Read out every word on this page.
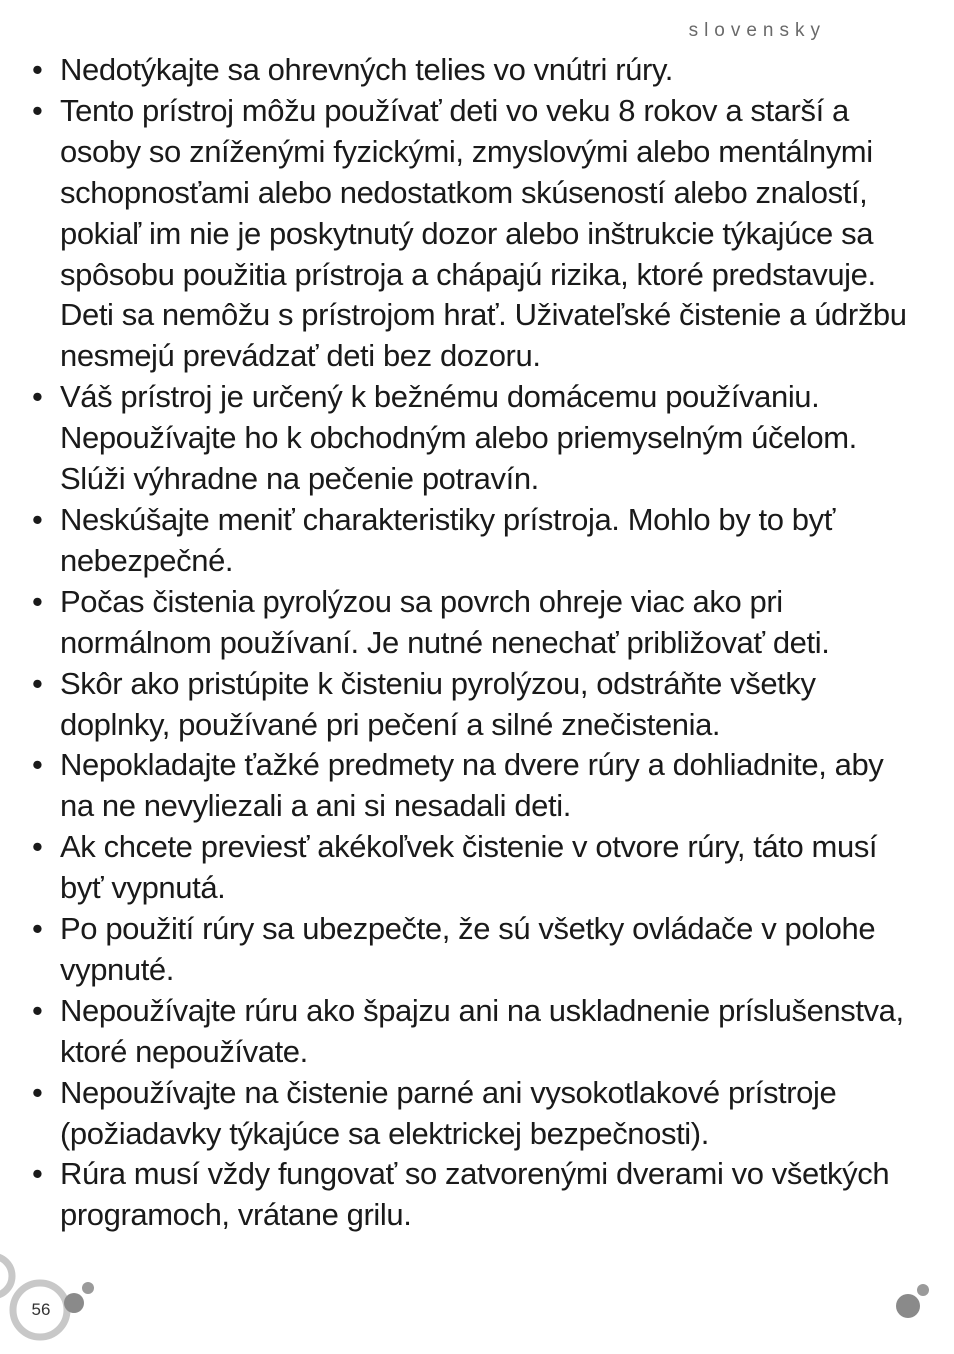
slovensky
• Nedotýkajte sa ohrevných telies vo vnútri rúry.
• Tento prístroj môžu používať deti vo veku 8 rokov a starší a osoby so zníženými fyzickými, zmyslovými alebo mentálnymi schopnosťami alebo nedostatkom skúseností alebo znalostí, pokiaľ im nie je poskytnutý dozor alebo inštrukcie týkajúce sa spôsobu použitia prístroja a chápajú rizika, ktoré predstavuje. Deti sa nemôžu s prístrojom hrať. Uživateľské čistenie a údržbu nesmejú prevádzať deti bez dozoru.
• Váš prístroj je určený k bežnému domácemu používaniu. Nepoužívajte ho k obchodným alebo priemyselným účelom. Slúži výhradne na pečenie potravín.
• Neskúšajte meniť charakteristiky prístroja. Mohlo by to byť nebezpečné.
• Počas čistenia pyrolýzou sa povrch ohreje viac ako pri normálnom používaní. Je nutné nenechať približovať deti.
• Skôr ako pristúpite k čisteniu pyrolýzou, odstráňte všetky doplnky, používané pri pečení a silné znečistenia.
• Nepokladajte ťažké predmety na dvere rúry a dohliadnite, aby na ne nevyliezali a ani si nesadali deti.
• Ak chcete previesť akékoľvek čistenie v otvore rúry, táto musí byť vypnutá.
• Po použití rúry sa ubezpečte, že sú všetky ovládače v polohe vypnuté.
• Nepoužívajte rúru ako špajzu ani na uskladnenie príslušenstva, ktoré nepoužívate.
• Nepoužívajte na čistenie parné ani vysokotlakové prístroje (požiadavky týkajúce sa elektrickej bezpečnosti).
• Rúra musí vždy fungovať so zatvorenými dverami vo všetkých programoch, vrátane grilu.
56
